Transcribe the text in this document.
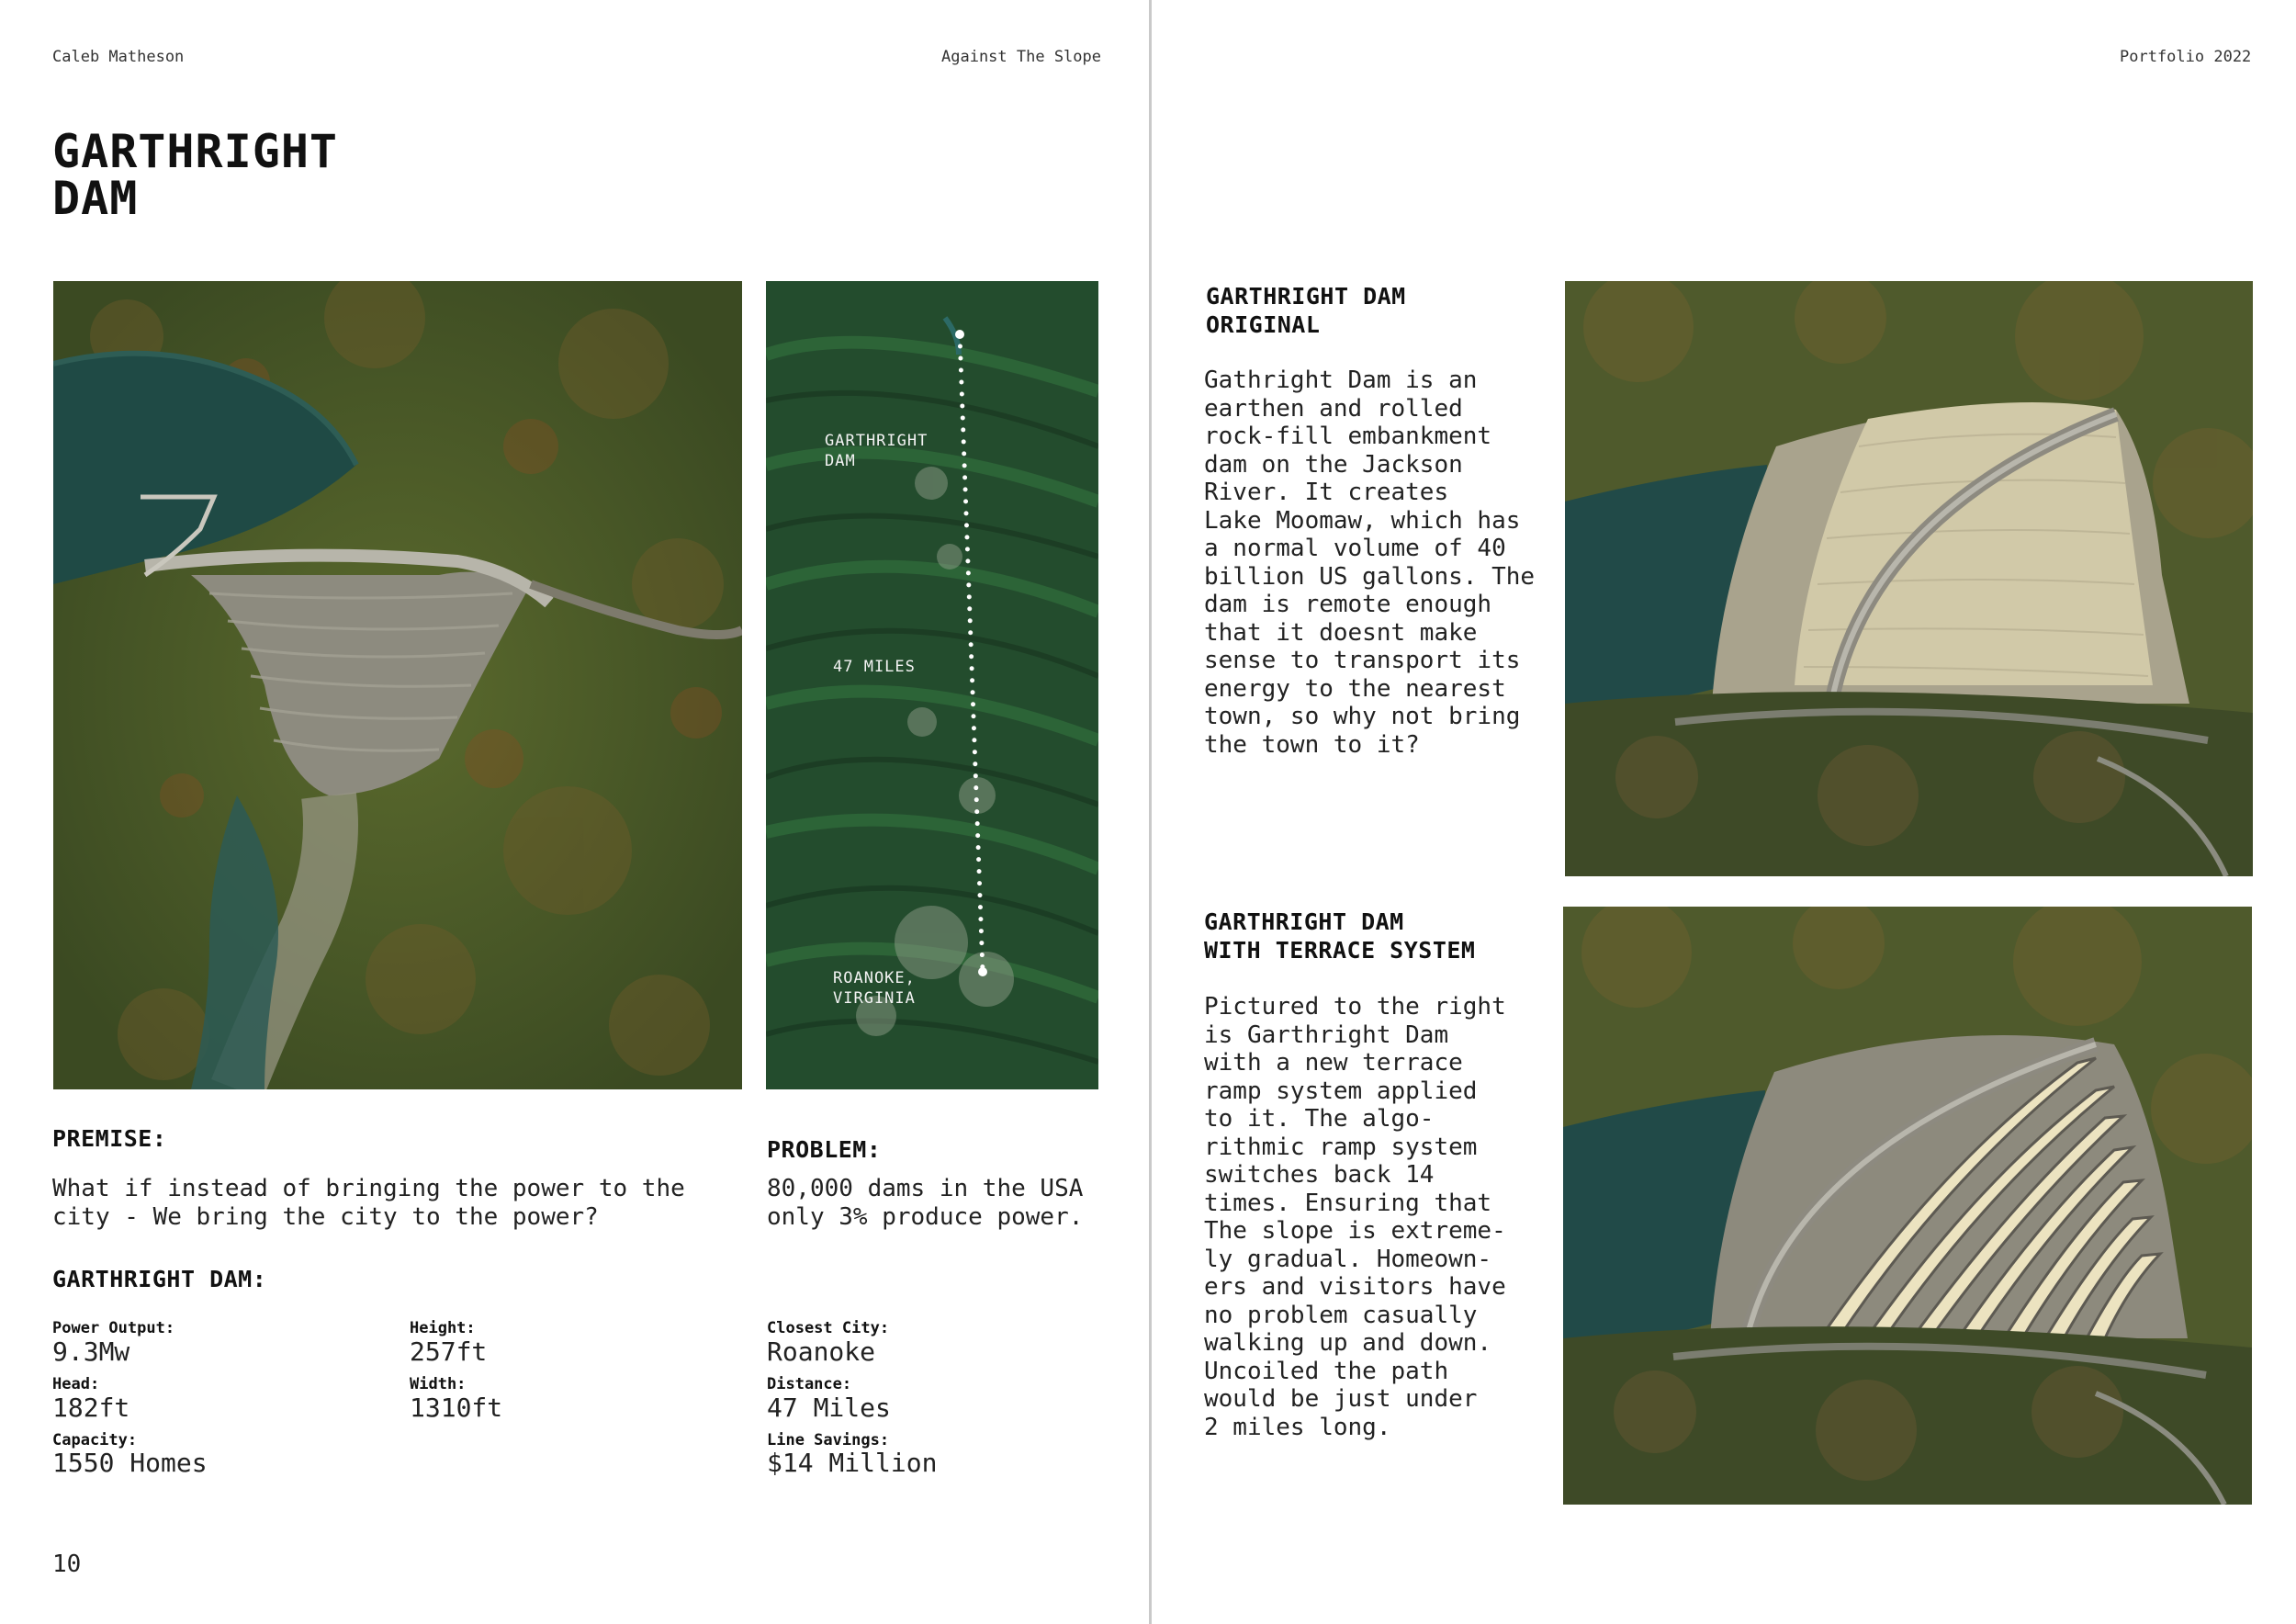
Caleb Matheson	Against The Slope	Portfolio 2022
GARTHRIGHT
DAM
GARTHRIGHT
DAM
47 MILES
ROANOKE,
VIRGINIA
PREMISE:
What if instead of bringing the power to the
city - We bring the city to the power?
PROBLEM:
80,000 dams in the USA
only 3% produce power.
GARTHRIGHT DAM:
Power Output:
9.3Mw
Head:
182ft
Capacity:
1550 Homes
Height:
257ft
Width:
1310ft
Closest City:
Roanoke
Distance:
47 Miles
Line Savings:
$14 Million
10
GARTHRIGHT DAM
ORIGINAL
Gathright Dam is an
earthen and rolled
rock-fill embankment
dam on the Jackson
River. It creates
Lake Moomaw, which has
a normal volume of 40
billion US gallons. The
dam is remote enough
that it doesnt make
sense to transport its
energy to the nearest
town, so why not bring
the town to it?
GARTHRIGHT DAM
WITH TERRACE SYSTEM
Pictured to the right
is Garthright Dam
with a new terrace
ramp system applied
to it. The algo-
rithmic ramp system
switches back 14
times. Ensuring that
The slope is extreme-
ly gradual. Homeown-
ers and visitors have
no problem casually
walking up and down.
Uncoiled the path
would be just under
2 miles long.
